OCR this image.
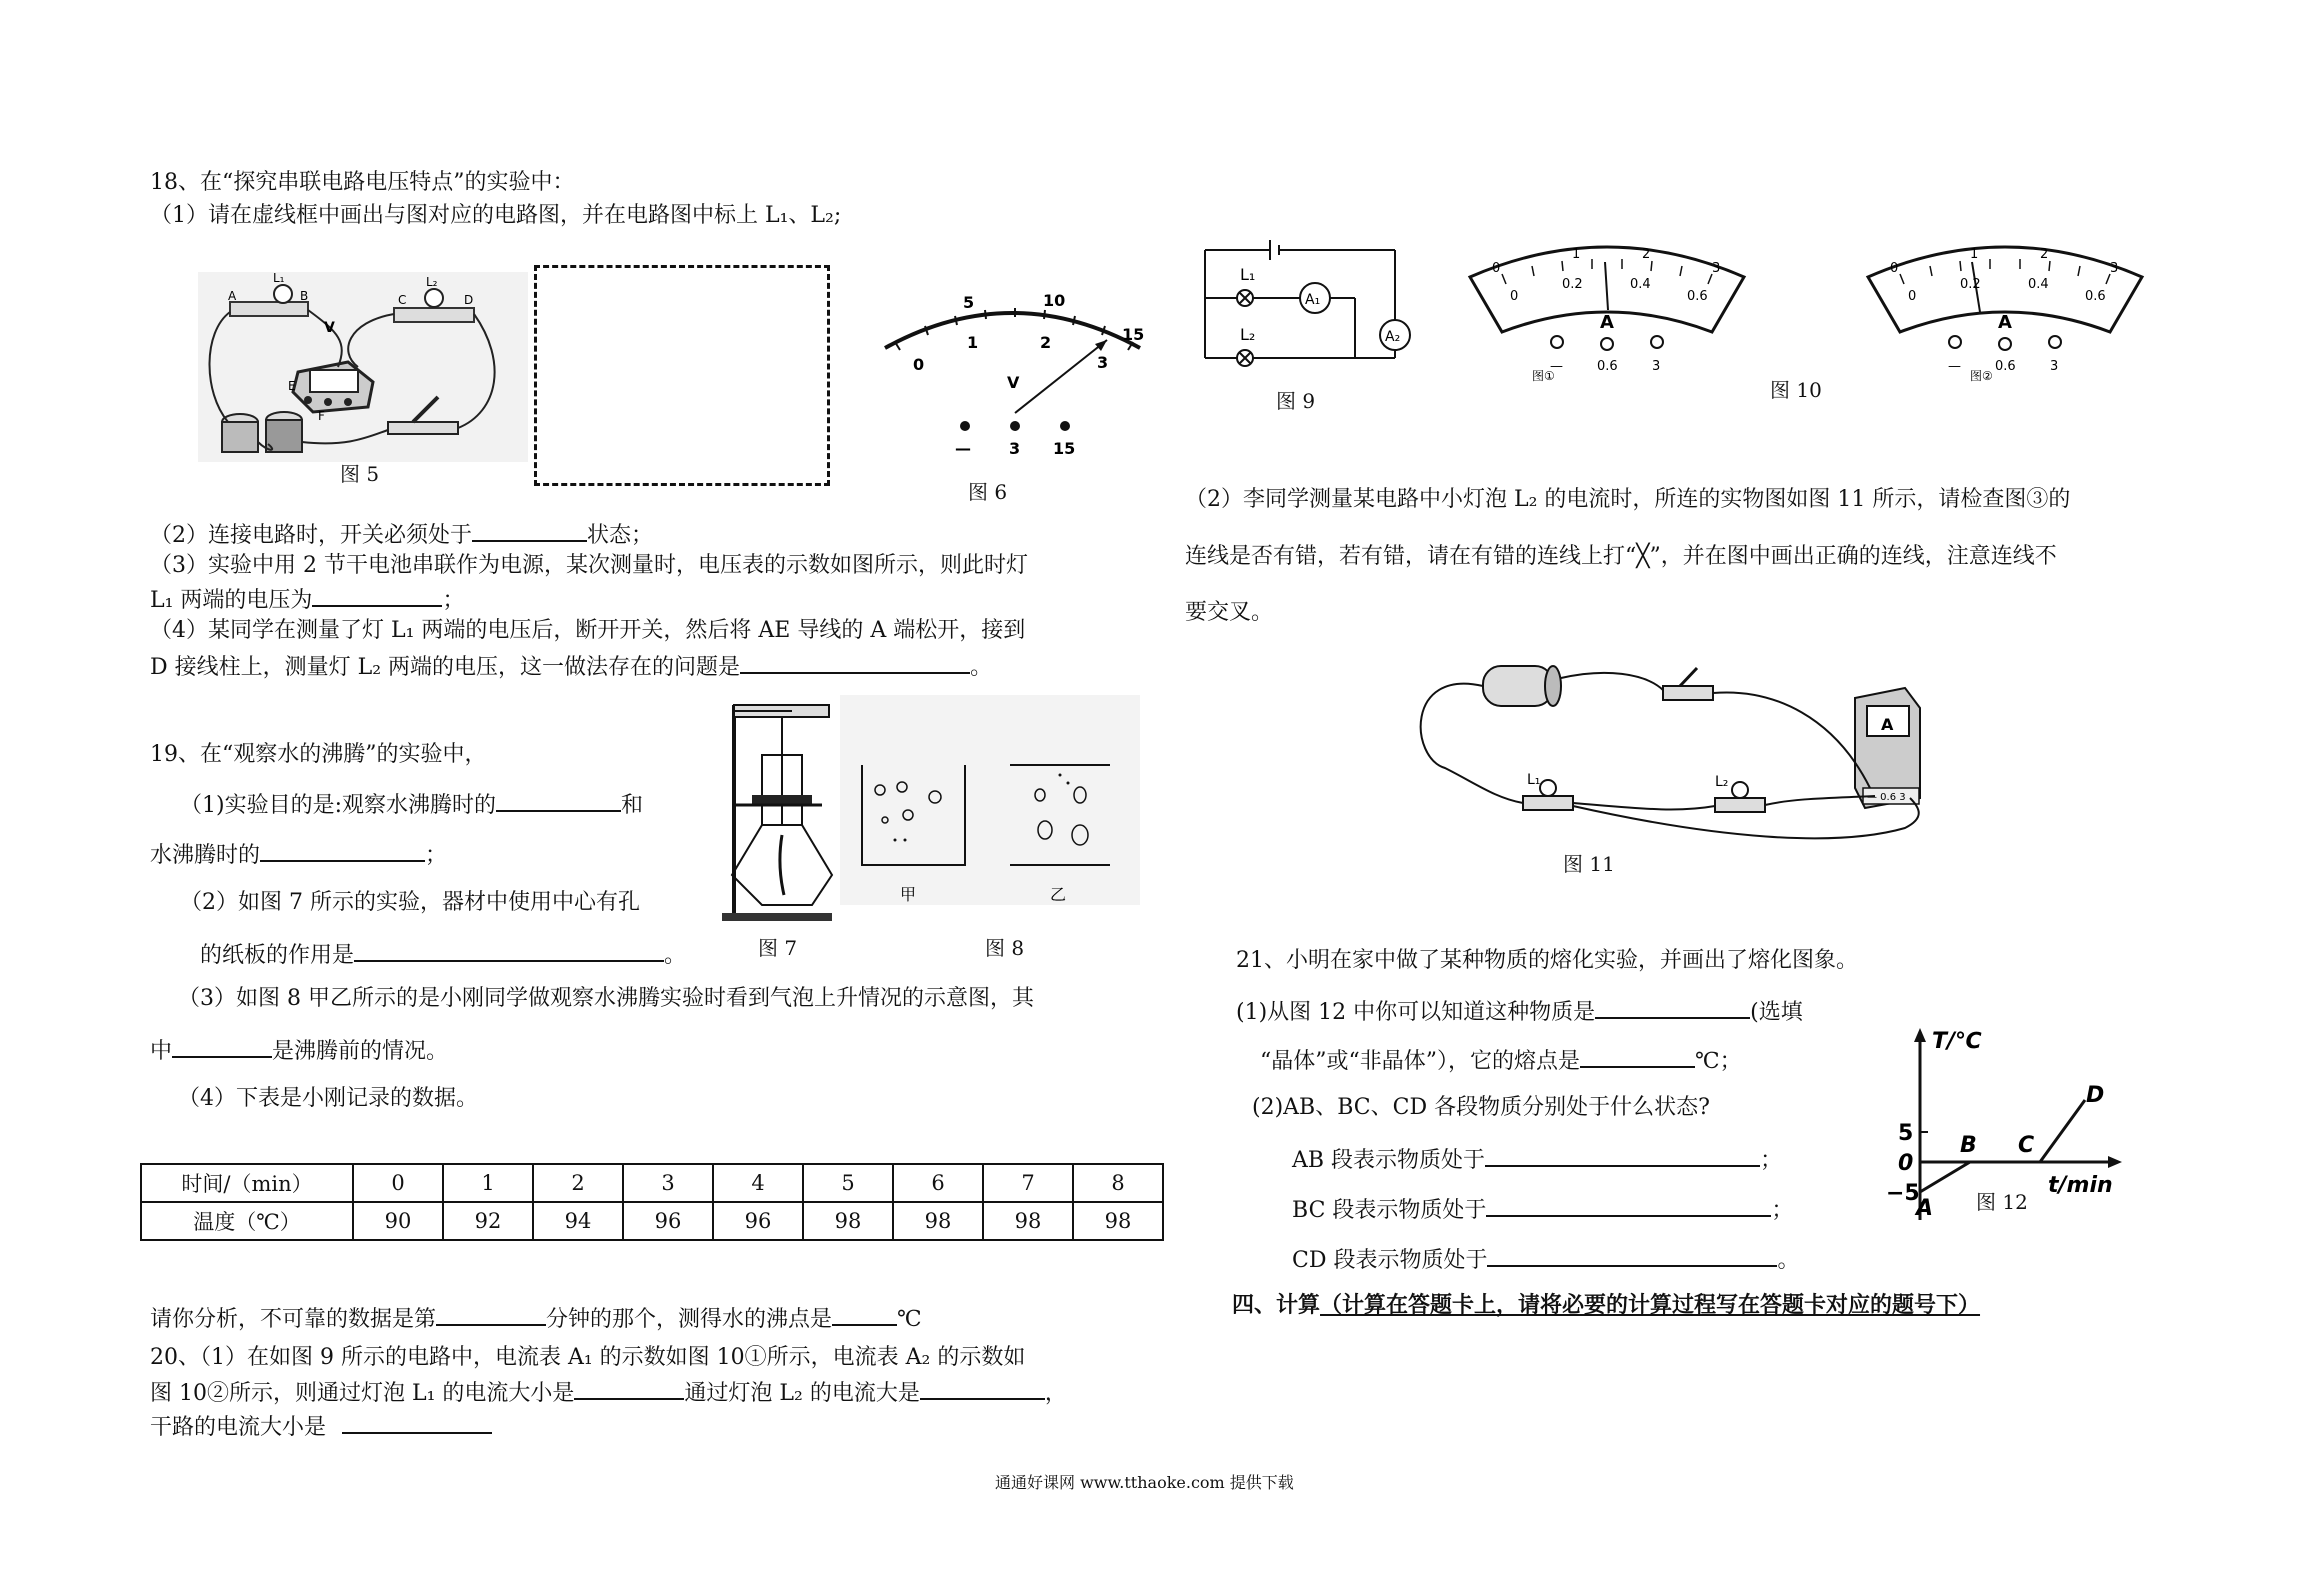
18、在“探究串联电路电压特点”的实验中：
（1）请在虚线框中画出与图对应的电路图，并在电路图中标上 L₁、L₂;
A
L₁
B	C
L₂
D
E
F
V
图 5
5	10
15
0
1	2
3
V
— 3 15
图 6
（2）连接电路时，开关必须处于	状态；
（3）实验中用 2 节干电池串联作为电源，某次测量时，电压表的示数如图所示，则此时灯
L₁ 两端的电压为	；
（4）某同学在测量了灯 L₁ 两端的电压后，断开开关，然后将 AE 导线的 A 端松开，接到
D 接线柱上，测量灯 L₂ 两端的电压，这一做法存在的问题是	。
19、在“观察水的沸腾”的实验中，
（1)实验目的是:观察水沸腾时的	和
水沸腾时的	；
（2）如图 7 所示的实验，器材中使用中心有孔
的纸板的作用是	。	图 7
甲	乙
图 8
（3）如图 8 甲乙所示的是小刚同学做观察水沸腾实验时看到气泡上升情况的示意图，其
中	是沸腾前的情况。
（4）下表是小刚记录的数据。
时间/（min）	0	1	2	3	4	5	6	7	8
温度（℃）	90	92	94	96	96	98	98	98	98
请你分析，不可靠的数据是第	分钟的那个，测得水的沸点是	℃
20、（1）在如图 9 所示的电路中，电流表 A₁ 的示数如图 10①所示，电流表 A₂ 的示数如
图 10②所示，则通过灯泡 L₁ 的电流大小是	通过灯泡 L₂ 的电流大是	，
干路的电流大小是
L₁
L₂
A₁
A₂
图 9
0
1	2
3
0
0.2	0.4
0.6
A
—	0.6	3
图①
0
1	2
3
0
0.2	0.4
0.6
A
—	0.6	3
图②
图 10
（2）李同学测量某电路中小灯泡 L₂ 的电流时，所连的实物图如图 11 所示，请检查图③的
连线是否有错，若有错，请在有错的连线上打“╳”，并在图中画出正确的连线，注意连线不
要交叉。
A
— 0.6 3
L₁	L₂
图 11
21、小明在家中做了某种物质的熔化实验，并画出了熔化图象。
(1)从图 12 中你可以知道这种物质是	(选填
“晶体”或“非晶体”），它的熔点是	℃；
(2)AB、BC、CD 各段物质分别处于什么状态?
AB 段表示物质处于	；
BC 段表示物质处于	；
CD 段表示物质处于	。
T/℃
t/min
5
0
−5
A
B C
D
图 12
四、计算（计算在答题卡上，请将必要的计算过程写在答题卡对应的题号下）
通通好课网 www.tthaoke.com 提供下载
